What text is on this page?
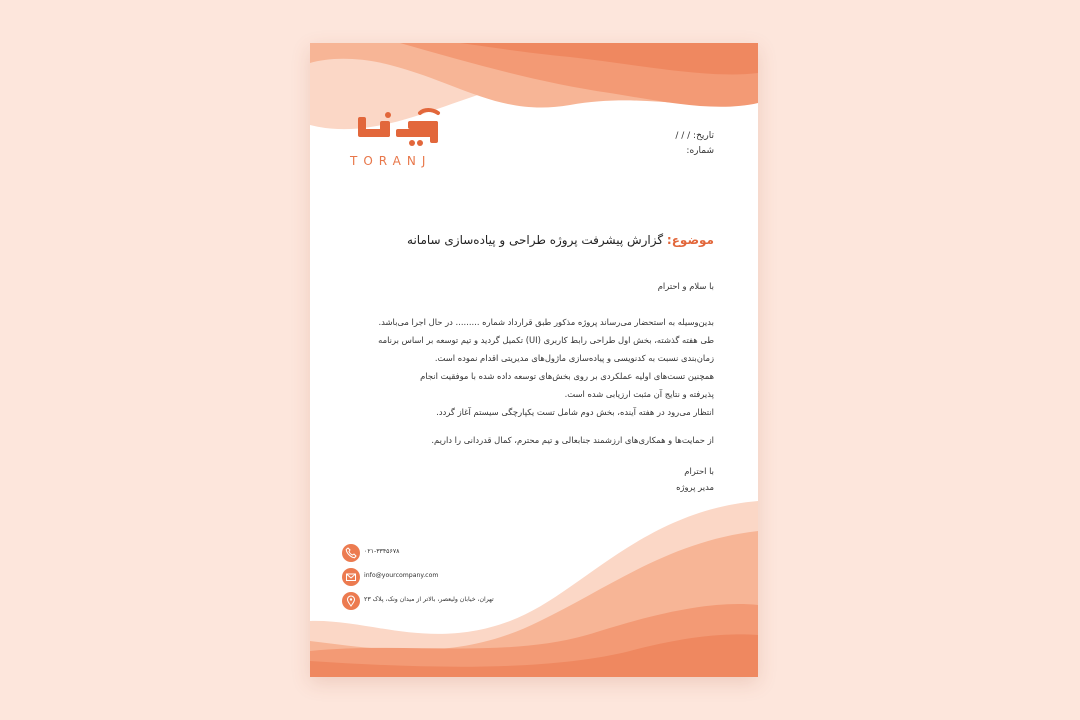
TORANJ
تاریخ: / / /
شماره:
موضوع: گزارش پیشرفت پروژه طراحی و پیاده‌سازی سامانه
با سلام و احترام

بدین‌وسیله به استحضار می‌رساند پروژه مذکور طبق قرارداد شماره ......... در حال اجرا می‌باشد.

طی هفته گذشته، بخش اول طراحی رابط کاربری (UI) تکمیل گردید و تیم توسعه بر اساس برنامه

زمان‌بندی نسبت به کدنویسی و پیاده‌سازی ماژول‌های مدیریتی اقدام نموده است.

همچنین تست‌های اولیه عملکردی بر روی بخش‌های توسعه داده شده با موفقیت انجام

پذیرفته و نتایج آن مثبت ارزیابی شده است.

انتظار می‌رود در هفته آینده، بخش دوم شامل تست یکپارچگی سیستم آغاز گردد.

از حمایت‌ها و همکاری‌های ارزشمند جنابعالی و تیم محترم، کمال قدردانی را داریم.
با احترام
مدیر پروژه
۰۲۱-۳۳۴۵۶۷۸
info@yourcompany.com
تهران، خیابان ولیعصر، بالاتر از میدان ونک، پلاک ۲۳
